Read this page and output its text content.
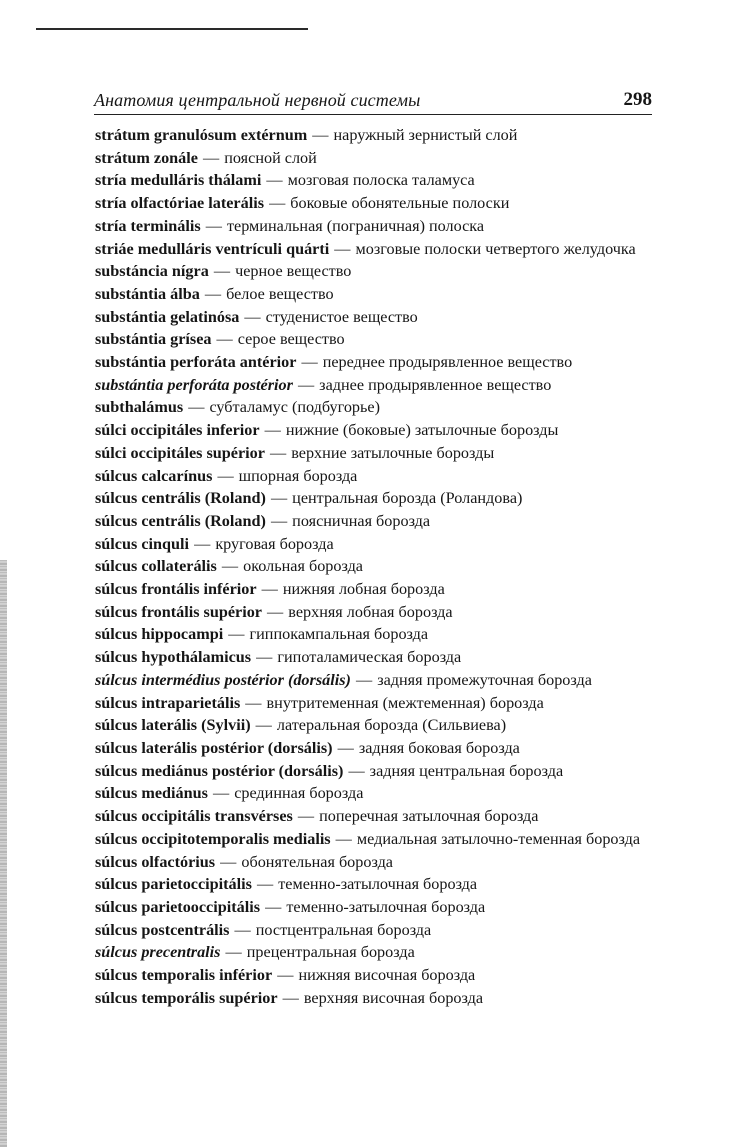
Анатомия центральной нервной системы	298
strátum granulósum extérnum — наружный зернистый слой
strátum zonále — поясной слой
stría medulláris thálami — мозговая полоска таламуса
stría olfactóriae laterális — боковые обонятельные полоски
stría terminális — терминальная (пограничная) полоска
striáe medulláris ventrículi quárti — мозговые полоски четвертого желудочка
substáncia nígra — черное вещество
substántia álba — белое вещество
substántia gelatinósa — студенистое вещество
substántia grísea — серое вещество
substántia perforáta antérior — переднее продырявленное вещество
substántia perforáta postérior — заднее продырявленное вещество
subthalámus — субталамус (подбугорье)
súlci occipitáles inferior — нижние (боковые) затылочные борозды
súlci occipitáles supérior — верхние затылочные борозды
súlcus calcarínus — шпорная борозда
súlcus centrális (Roland) — центральная борозда (Роландова)
súlcus centrális (Roland) — поясничная борозда
súlcus cinquli — круговая борозда
súlcus collaterális — окольная борозда
súlcus frontális inférior — нижняя лобная борозда
súlcus frontális supérior — верхняя лобная борозда
súlcus hippocampi — гиппокампальная борозда
súlcus hypothálamicus — гипоталамическая борозда
súlcus intermédius postérior (dorsális) — задняя промежуточная борозда
súlcus intraparietális — внутритеменная (межтеменная) борозда
súlcus laterális (Sylvii) — латеральная борозда (Сильвиева)
súlcus laterális postérior (dorsális) — задняя боковая борозда
súlcus mediánus postérior (dorsális) — задняя центральная борозда
súlcus mediánus — срединная борозда
súlcus occipitális transvérses — поперечная затылочная борозда
súlcus occipitotemporalis medialis — медиальная затылочно-теменная борозда
súlcus olfactórius — обонятельная борозда
súlcus parietoccipitális — теменно-затылочная борозда
súlcus parietooccipitális — теменно-затылочная борозда
súlcus postcentrális — постцентральная борозда
súlcus precentralis — прецентральная борозда
súlcus temporalis inférior — нижняя височная борозда
súlcus temporális supérior — верхняя височная борозда
